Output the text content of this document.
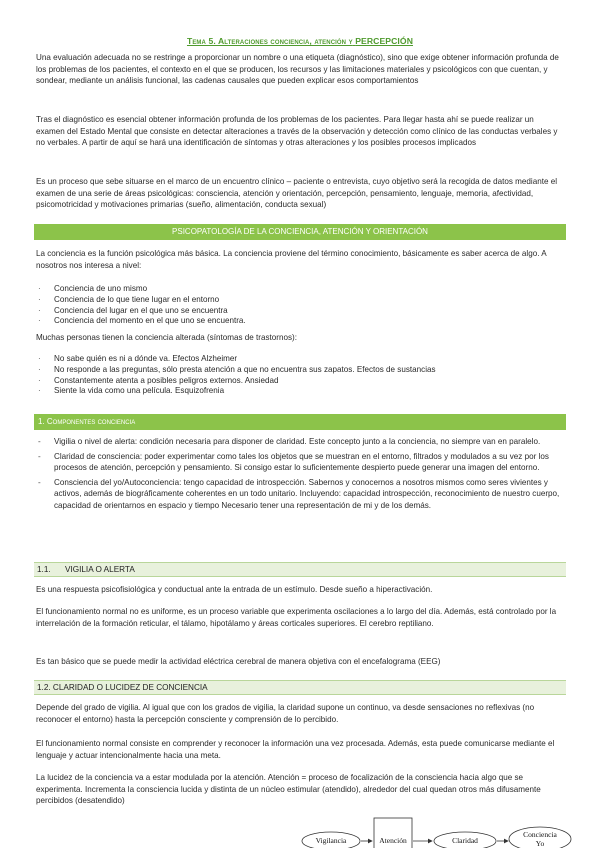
Tema 5. Alteraciones conciencia, atención y PERCEPCIÓN
Una evaluación adecuada no se restringe a proporcionar un nombre o una etiqueta (diagnóstico), sino que exige obtener información profunda de los problemas de los pacientes, el contexto en el que se producen, los recursos y las limitaciones materiales y psicológicos con que cuentan, y sondear, mediante un análisis funcional, las cadenas causales que pueden explicar esos comportamientos
Tras el diagnóstico es esencial obtener información profunda de los problemas de los pacientes. Para llegar hasta ahí se puede realizar un examen del Estado Mental que consiste en detectar alteraciones a través de la observación y detección como clínico de las conductas verbales y no verbales. A partir de aquí se hará una identificación de síntomas y otras alteraciones y los posibles procesos implicados
Es un proceso que sebe situarse en el marco de un encuentro clínico – paciente o entrevista, cuyo objetivo será la recogida de datos mediante el examen de una serie de áreas psicológicas: consciencia, atención y orientación, percepción, pensamiento, lenguaje, memoria, afectividad, psicomotricidad y motivaciones primarias (sueño, alimentación, conducta sexual)
PSICOPATOLOGÍA DE LA CONCIENCIA, ATENCIÓN Y ORIENTACIÓN
La conciencia es la función psicológica más básica. La conciencia proviene del término conocimiento, básicamente es saber acerca de algo. A nosotros nos interesa a nivel:
· Conciencia de uno mismo
· Conciencia de lo que tiene lugar en el entorno
· Conciencia del lugar en el que uno se encuentra
· Conciencia del momento en el que uno se encuentra.
Muchas personas tienen la conciencia alterada (síntomas de trastornos):
· No sabe quién es ni a dónde va. Efectos Alzheimer
· No responde a las preguntas, sólo presta atención a que no encuentra sus zapatos. Efectos de sustancias
· Constantemente atenta a posibles peligros externos. Ansiedad
· Siente la vida como una película. Esquizofrenia
1. Componentes conciencia
- Vigilia o nivel de alerta: condición necesaria para disponer de claridad. Este concepto junto a la conciencia, no siempre van en paralelo.
- Claridad de consciencia: poder experimentar como tales los objetos que se muestran en el entorno, filtrados y modulados a su vez por los procesos de atención, percepción y pensamiento. Si consigo estar lo suficientemente despierto puede generar una imagen del entorno.
- Consciencia del yo/Autoconciencia: tengo capacidad de introspección. Sabernos y conocernos a nosotros mismos como seres vivientes y activos, además de biográficamente coherentes en un todo unitario. Incluyendo: capacidad introspección, reconocimiento de nuestro cuerpo, capacidad de orientarnos en espacio y tiempo Necesario tener una representación de mi y de los demás.
1.1. VIGILIA O ALERTA
Es una respuesta psicofisiológica y conductual ante la entrada de un estímulo. Desde sueño a hiperactivación.
El funcionamiento normal no es uniforme, es un proceso variable que experimenta oscilaciones a lo largo del día. Además, está controlado por la interrelación de la formación reticular, el tálamo, hipotálamo y áreas corticales superiores. El cerebro reptiliano.
Es tan básico que se puede medir la actividad eléctrica cerebral de manera objetiva con el encefalograma (EEG)
1.2. CLARIDAD O LUCIDEZ DE CONCIENCIA
Depende del grado de vigilia. Al igual que con los grados de vigilia, la claridad supone un continuo, va desde sensaciones no reflexivas (no reconocer el entorno) hasta la percepción consciente y comprensión de lo percibido.
El funcionamiento normal consiste en comprender y reconocer la información una vez procesada. Además, esta puede comunicarse mediante el lenguaje y actuar intencionalmente hacia una meta.
La lucidez de la conciencia va a estar modulada por la atención. Atención = proceso de focalización de la consciencia hacia algo que se experimenta. Incrementa la consciencia lucida y distinta de un núcleo estimular (atendido), alrededor del cual quedan otros más difusamente percibidos (desatendido)
Vigilancia	Atención	Claridad
Conciencia
Yo
